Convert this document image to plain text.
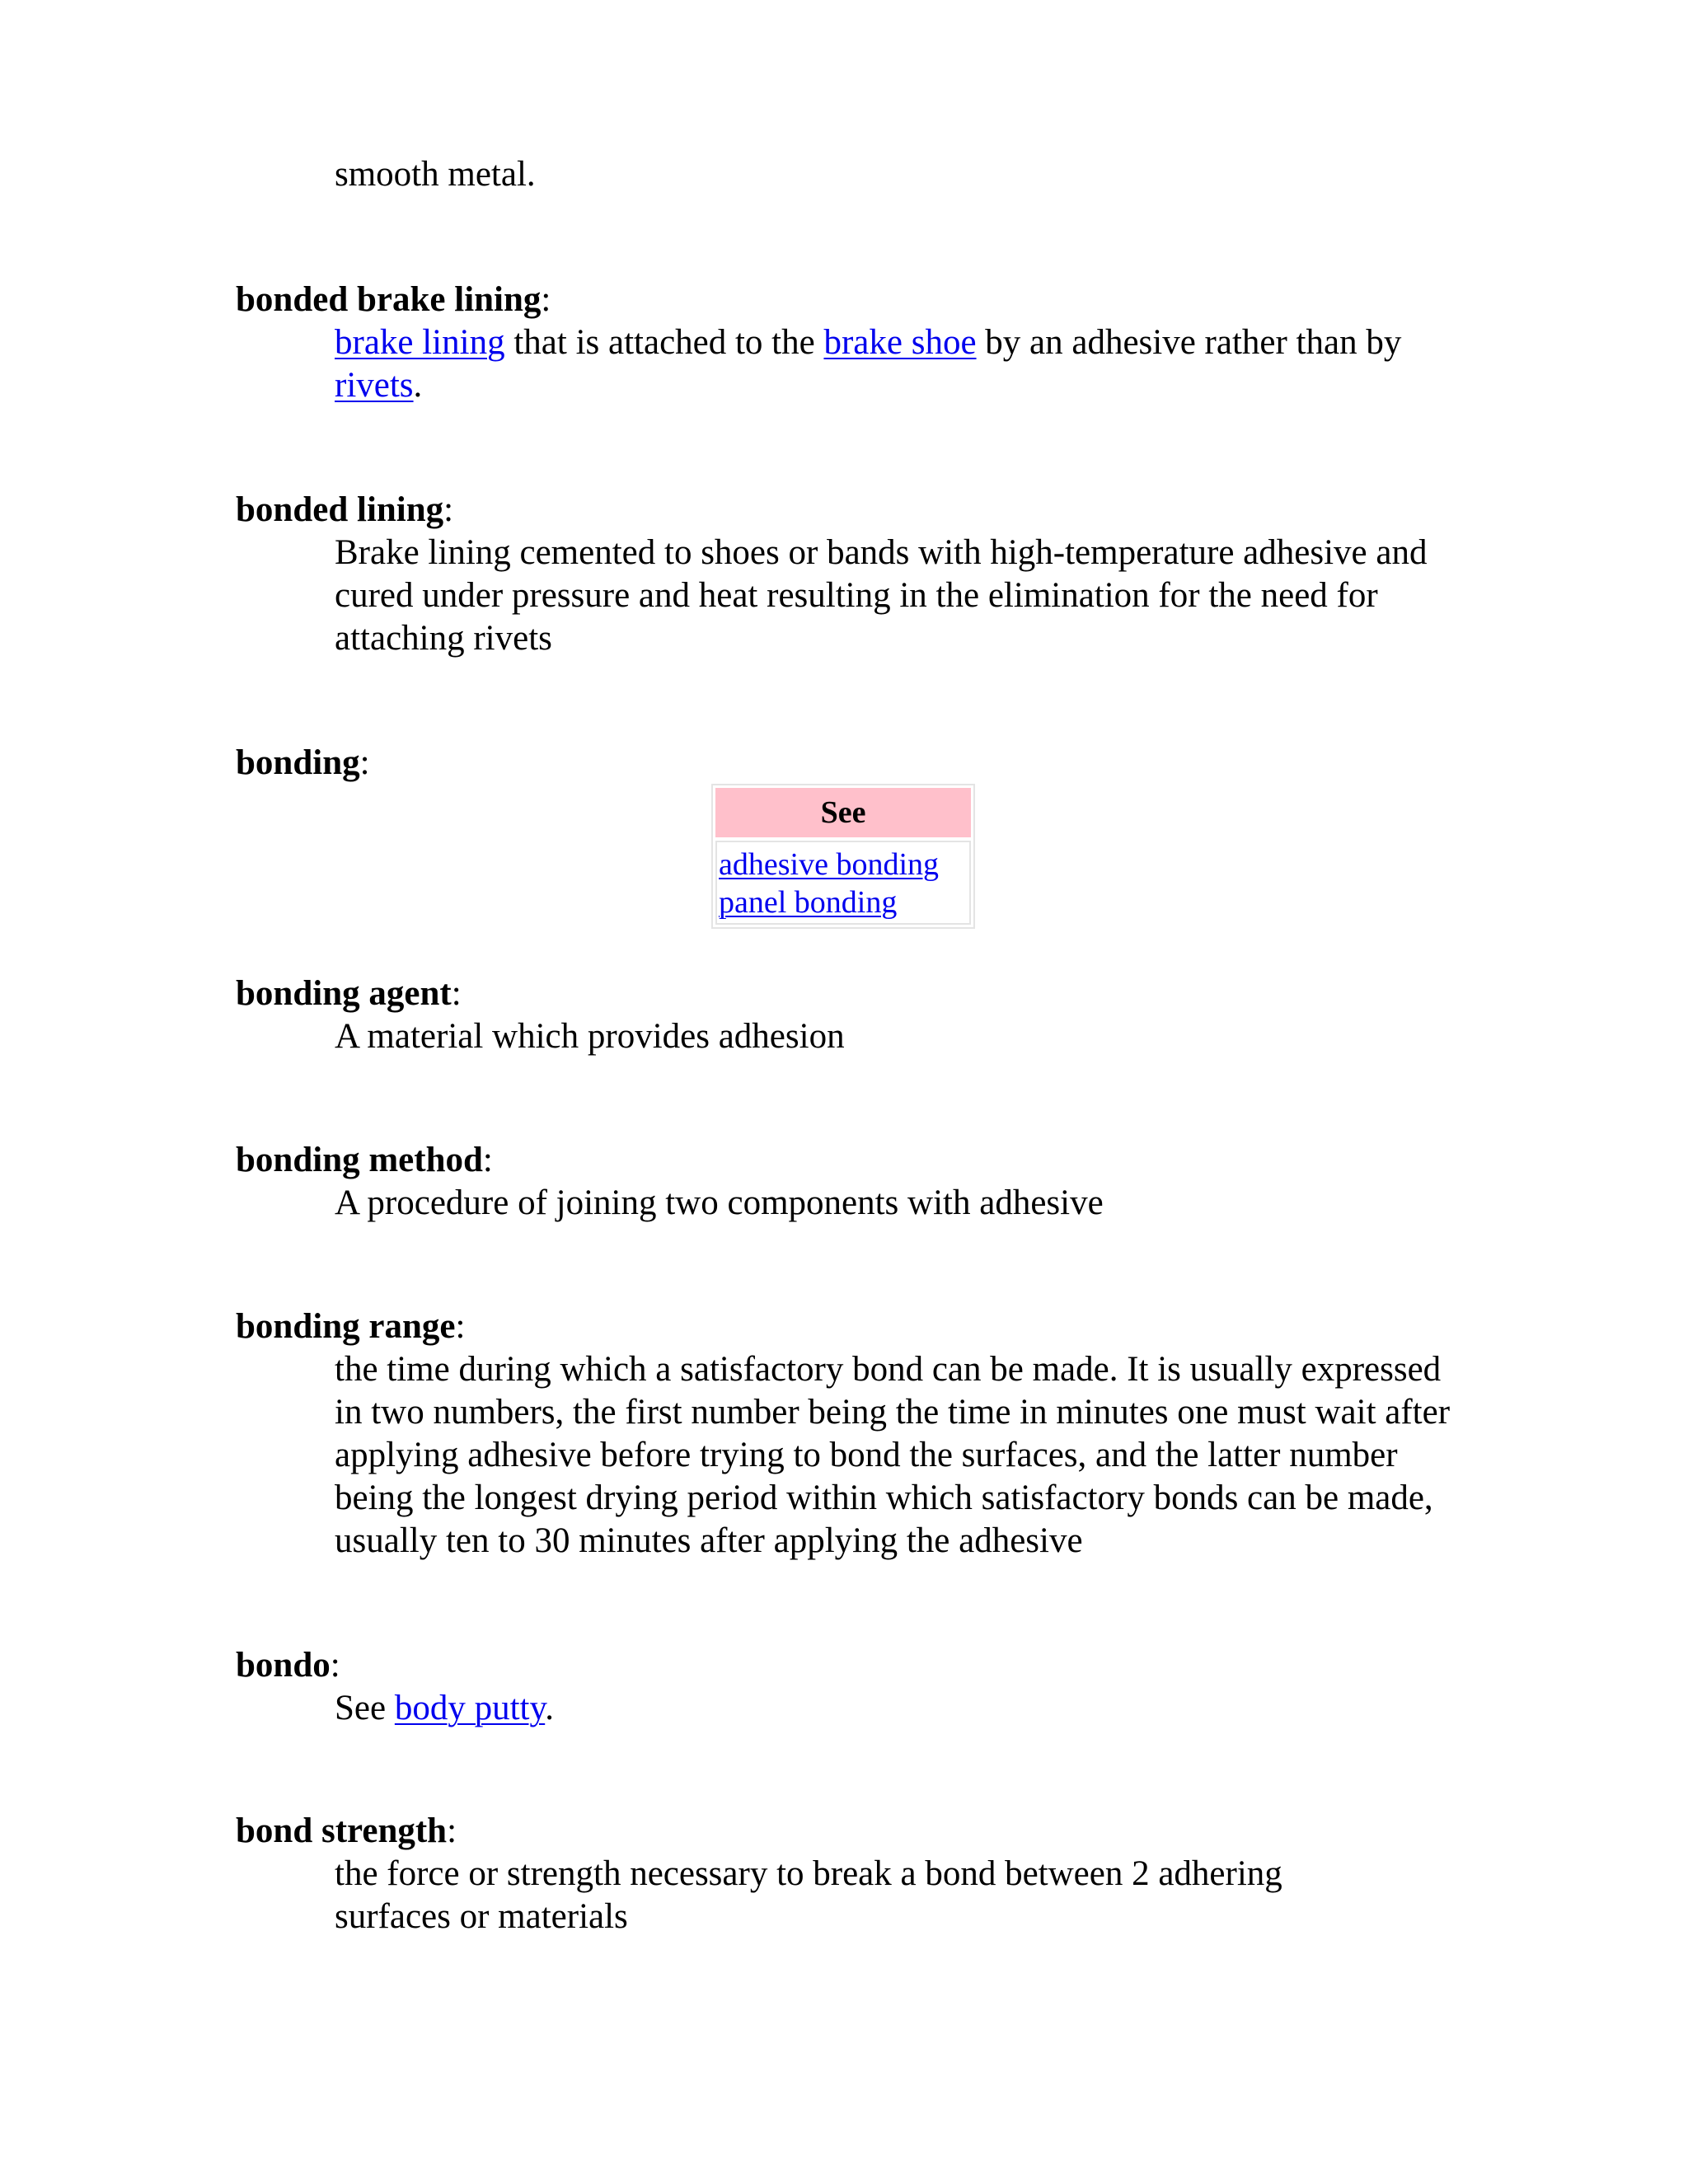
smooth metal.
bonded brake lining:
brake lining that is attached to the brake shoe by an adhesive rather than by rivets.
bonded lining:
Brake lining cemented to shoes or bands with high-temperature adhesive and cured under pressure and heat resulting in the elimination for the need for attaching rivets
bonding:
See
adhesive bonding
panel bonding
bonding agent:
A material which provides adhesion
bonding method:
A procedure of joining two components with adhesive
bonding range:
the time during which a satisfactory bond can be made. It is usually expressed in two numbers, the first number being the time in minutes one must wait after applying adhesive before trying to bond the surfaces, and the latter number being the longest drying period within which satisfactory bonds can be made, usually ten to 30 minutes after applying the adhesive
bondo:
See body putty.
bond strength:
the force or strength necessary to break a bond between 2 adhering surfaces or materials
